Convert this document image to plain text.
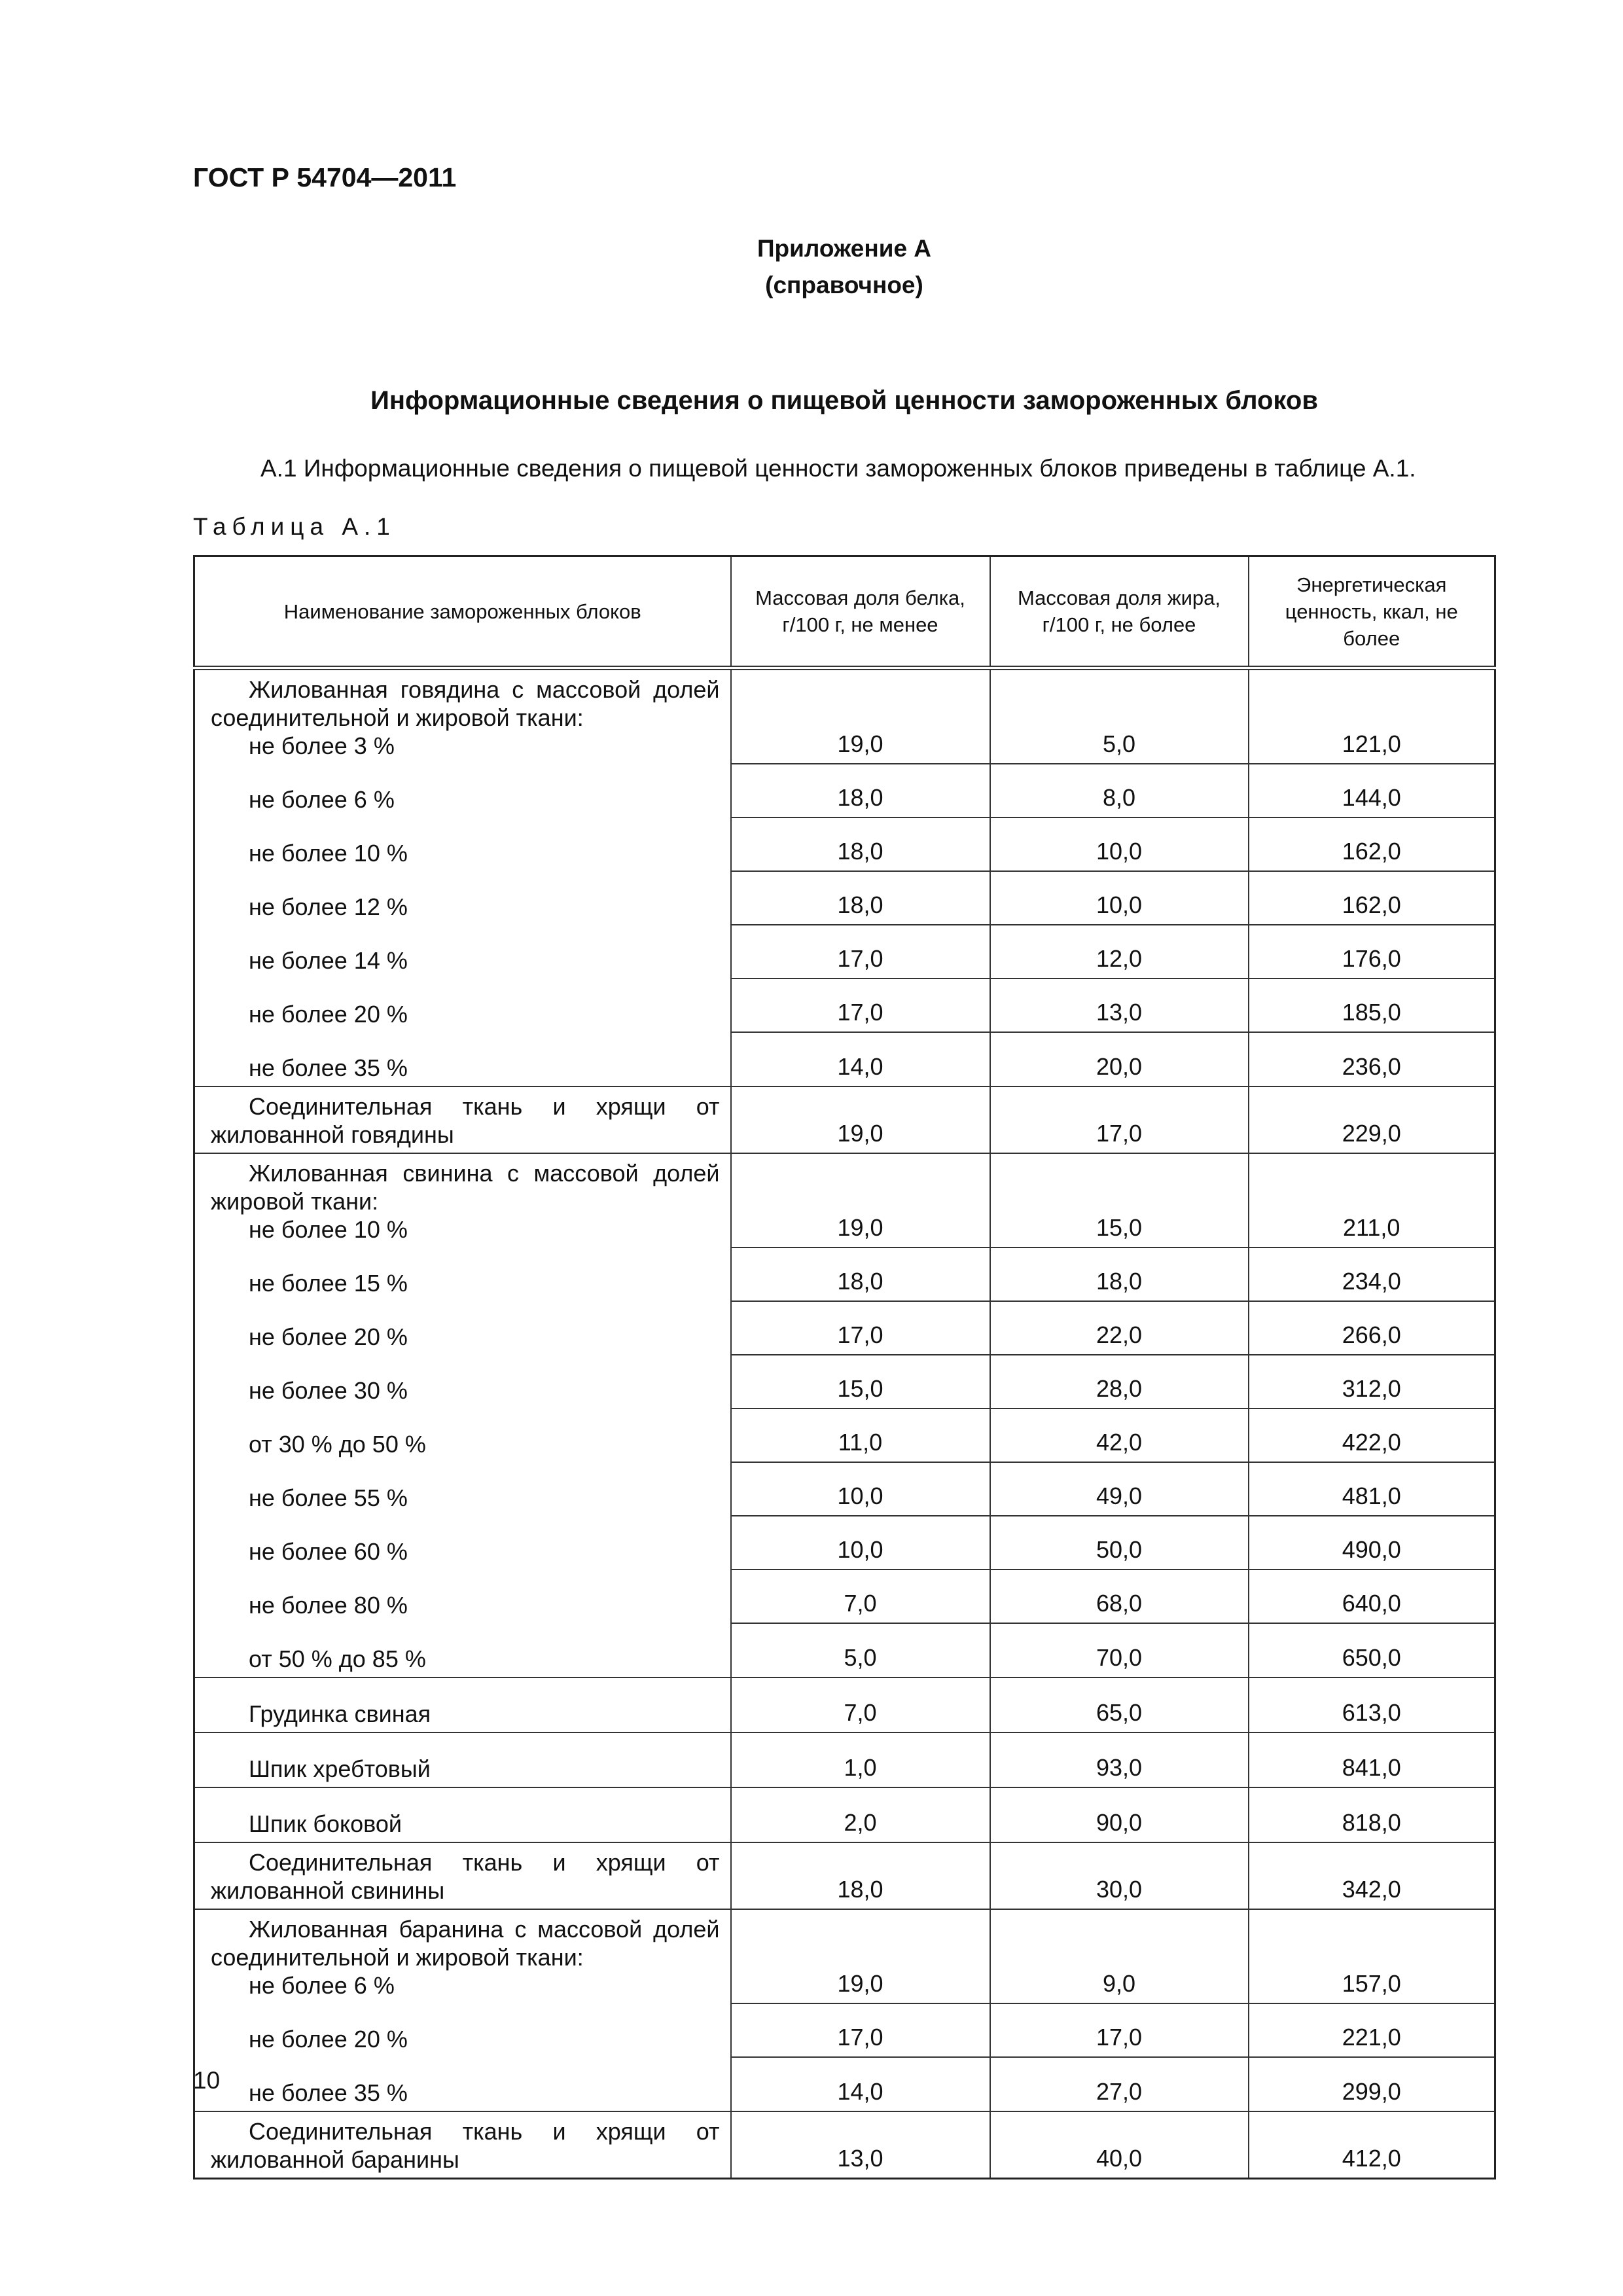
ГОСТ Р 54704—2011
Приложение А
(справочное)
Информационные сведения о пищевой ценности замороженных блоков
А.1 Информационные сведения о пищевой ценности замороженных блоков приведены в таблице А.1.
Таблица А.1
Наименование замороженных блоков	Массовая доля белка, г/100 г, не менее	Массовая доля жира, г/100 г, не более	Энергетическая ценность, ккал, не более

Жилованная говядина с массовой долей соединительной и жировой ткани:
не более 3 %	19,0	5,0	121,0

не более 6 %	18,0	8,0	144,0

не более 10 %	18,0	10,0	162,0

не более 12 %	18,0	10,0	162,0

не более 14 %	17,0	12,0	176,0

не более 20 %	17,0	13,0	185,0

не более 35 %	14,0	20,0	236,0

Соединительная ткань и хрящи от жилованной говядины	19,0	17,0	229,0

Жилованная свинина с массовой долей жировой ткани:
не более 10 %	19,0	15,0	211,0

не более 15 %	18,0	18,0	234,0

не более 20 %	17,0	22,0	266,0

не более 30 %	15,0	28,0	312,0

от 30 % до 50 %	11,0	42,0	422,0

не более 55 %	10,0	49,0	481,0

не более 60 %	10,0	50,0	490,0

не более 80 %	7,0	68,0	640,0

от 50 % до 85 %	5,0	70,0	650,0

Грудинка свиная	7,0	65,0	613,0

Шпик хребтовый	1,0	93,0	841,0

Шпик боковой	2,0	90,0	818,0

Соединительная ткань и хрящи от жилованной свинины	18,0	30,0	342,0

Жилованная баранина с массовой долей соединительной и жировой ткани:
не более 6 %	19,0	9,0	157,0

не более 20 %	17,0	17,0	221,0

не более 35 %	14,0	27,0	299,0

Соединительная ткань и хрящи от жилованной баранины	13,0	40,0	412,0
10
